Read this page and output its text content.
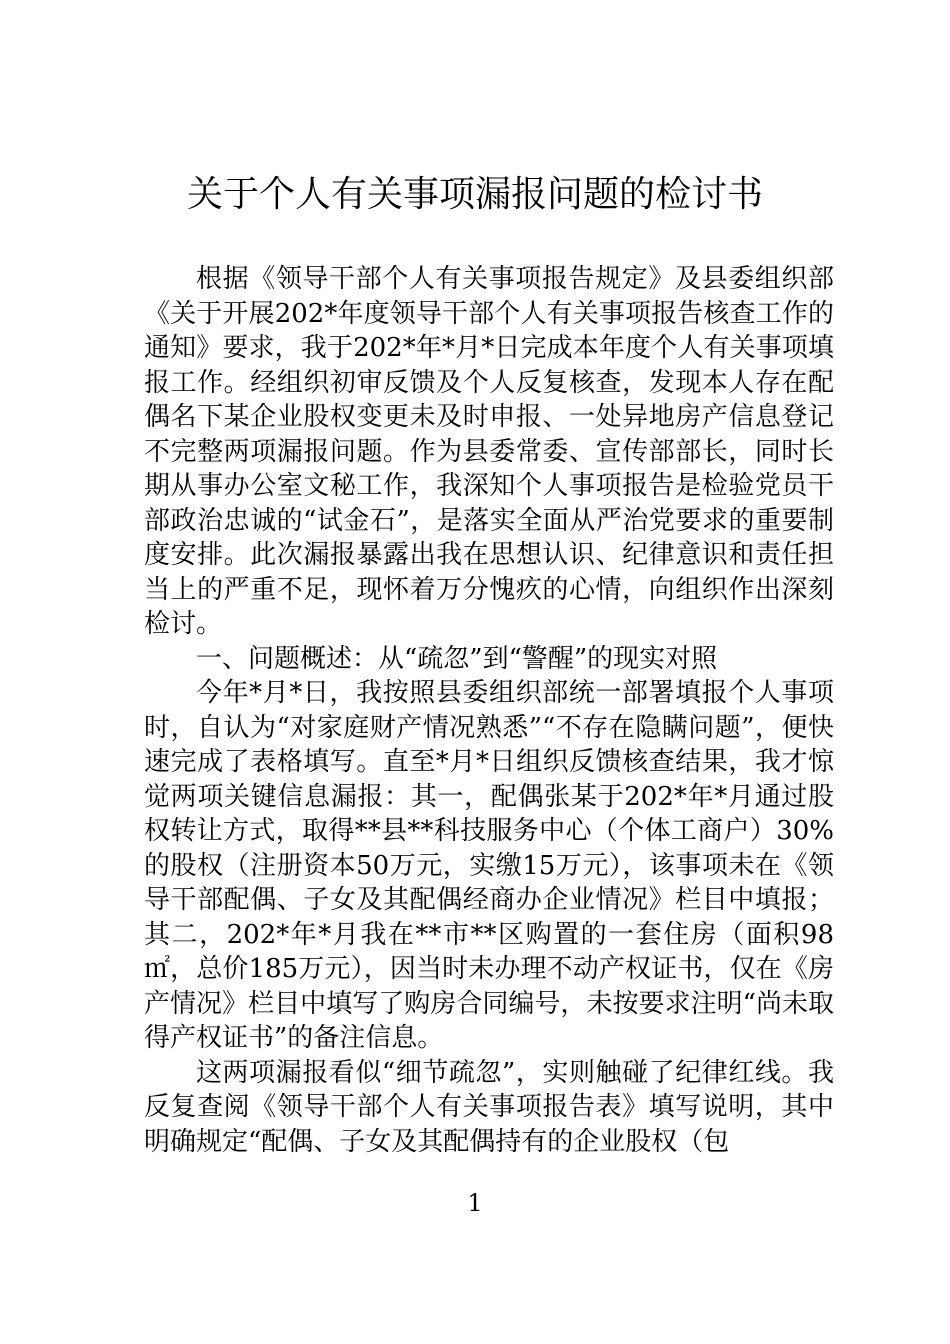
关于个人有关事项漏报问题的检讨书

根据《领导干部个人有关事项报告规定》及县委组织部《关于开展202*年度领导干部个人有关事项报告核查工作的通知》要求，我于202*年*月*日完成本年度个人有关事项填报工作。经组织初审反馈及个人反复核查，发现本人存在配偶名下某企业股权变更未及时申报、一处异地房产信息登记不完整两项漏报问题。作为县委常委、宣传部部长，同时长期从事办公室文秘工作，我深知个人事项报告是检验党员干部政治忠诚的“试金石”，是落实全面从严治党要求的重要制度安排。此次漏报暴露出我在思想认识、纪律意识和责任担当上的严重不足，现怀着万分愧疚的心情，向组织作出深刻检讨。

一、问题概述：从“疏忽”到“警醒”的现实对照

今年*月*日，我按照县委组织部统一部署填报个人事项时，自认为“对家庭财产情况熟悉”“不存在隐瞒问题”，便快速完成了表格填写。直至*月*日组织反馈核查结果，我才惊觉两项关键信息漏报：其一，配偶张某于202*年*月通过股权转让方式，取得**县**科技服务中心（个体工商户）30%的股权（注册资本50万元，实缴15万元），该事项未在《领导干部配偶、子女及其配偶经商办企业情况》栏目中填报；其二，202*年*月我在**市**区购置的一套住房（面积98㎡，总价185万元），因当时未办理不动产权证书，仅在《房产情况》栏目中填写了购房合同编号，未按要求注明“尚未取得产权证书”的备注信息。

这两项漏报看似“细节疏忽”，实则触碰了纪律红线。我反复查阅《领导干部个人有关事项报告表》填写说明，其中明确规定“配偶、子女及其配偶持有的企业股权（包

1
